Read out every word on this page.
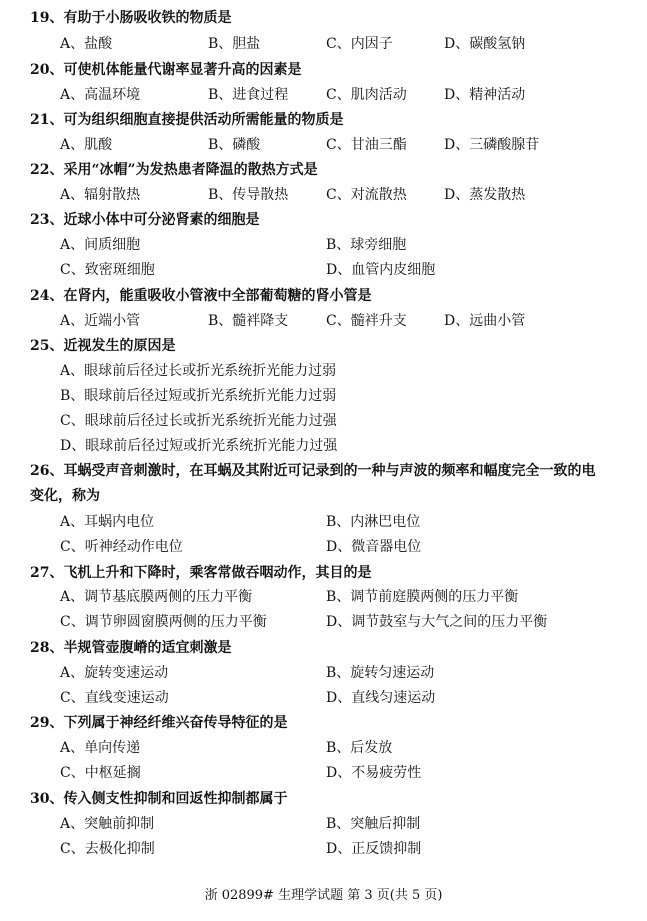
19、有助于小肠吸收铁的物质是
A、盐酸	B、胆盐	C、内因子	D、碳酸氢钠
20、可使机体能量代谢率显著升高的因素是
A、高温环境	B、进食过程	C、肌肉活动	D、精神活动
21、可为组织细胞直接提供活动所需能量的物质是
A、肌酸	B、磷酸	C、甘油三酯	D、三磷酸腺苷
22、采用“冰帽”为发热患者降温的散热方式是
A、辐射散热	B、传导散热	C、对流散热	D、蒸发散热
23、近球小体中可分泌肾素的细胞是
A、间质细胞	B、球旁细胞
C、致密斑细胞	D、血管内皮细胞
24、在肾内，能重吸收小管液中全部葡萄糖的肾小管是
A、近端小管	B、髓袢降支	C、髓袢升支	D、远曲小管
25、近视发生的原因是
A、眼球前后径过长或折光系统折光能力过弱
B、眼球前后径过短或折光系统折光能力过弱
C、眼球前后径过长或折光系统折光能力过强
D、眼球前后径过短或折光系统折光能力过强
26、耳蜗受声音刺激时，在耳蜗及其附近可记录到的一种与声波的频率和幅度完全一致的电变化，称为
A、耳蜗内电位	B、内淋巴电位
C、听神经动作电位	D、微音器电位
27、飞机上升和下降时，乘客常做吞咽动作，其目的是
A、调节基底膜两侧的压力平衡	B、调节前庭膜两侧的压力平衡
C、调节卵圆窗膜两侧的压力平衡	D、调节鼓室与大气之间的压力平衡
28、半规管壶腹嵴的适宜刺激是
A、旋转变速运动	B、旋转匀速运动
C、直线变速运动	D、直线匀速运动
29、下列属于神经纤维兴奋传导特征的是
A、单向传递	B、后发放
C、中枢延搁	D、不易疲劳性
30、传入侧支性抑制和回返性抑制都属于
A、突触前抑制	B、突触后抑制
C、去极化抑制	D、正反馈抑制
浙 02899# 生理学试题 第 3 页(共 5 页)
